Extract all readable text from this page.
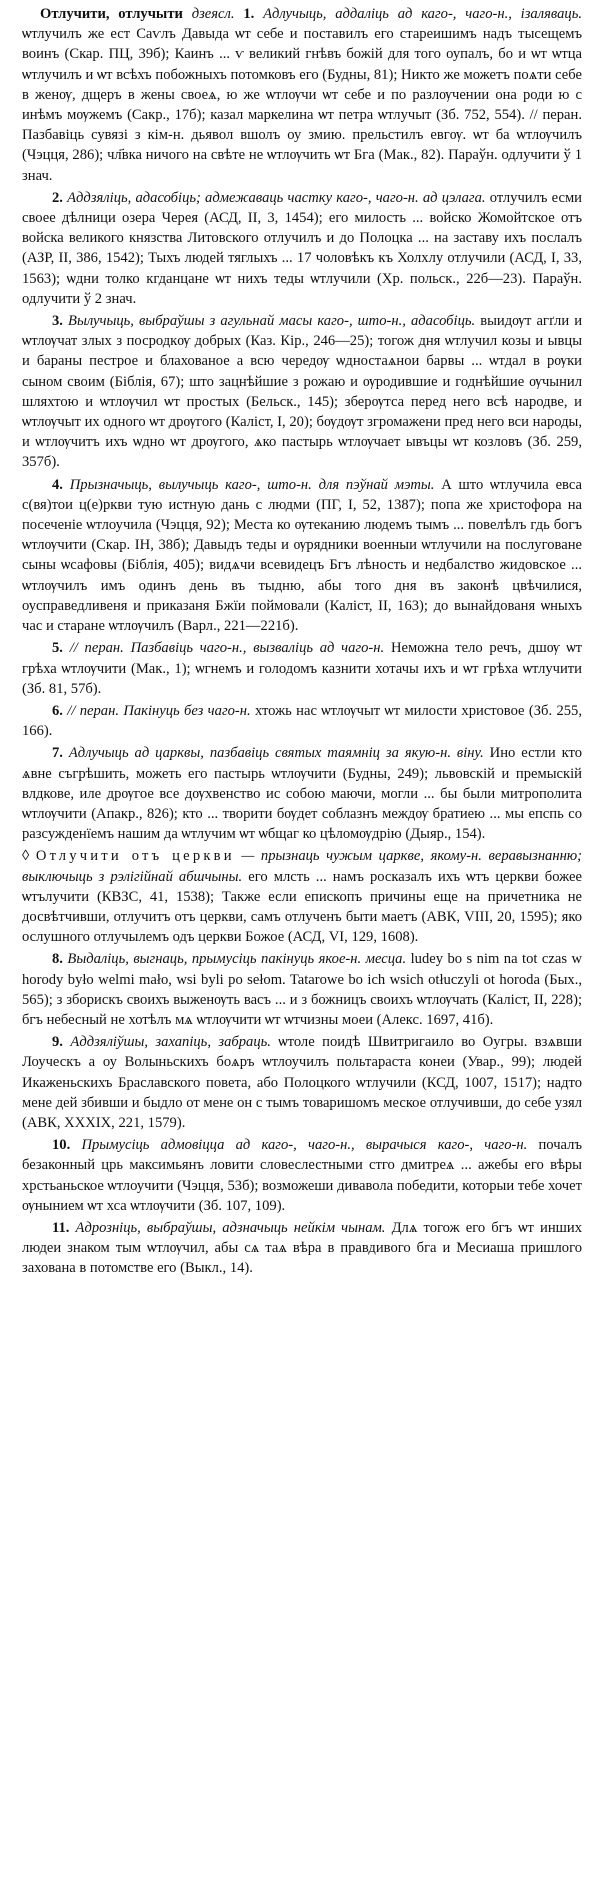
Отлучити, отлучыти дзеясл. 1. Адлучыць, аддаліць ад каго-, чаго-н., ізаляваць. ѡтлучилъ же ест Саѵлъ Давыда ѡт себе и поставилъ его стареишимъ надъ тысещемъ воинъ (Скар. ПЦ, 39б); Каинъ ... ѵ великий гнѣвъ божій для того оупалъ, бо и ѡт ѡтца ѡтлучилъ и ѡт всѣхъ побожныхъ потомковъ его (Будны, 81); Никто же можетъ поѧти себе в женѹ, дщеръ в жены своеѧ, ю же ѡтлѹчи ѡт себе и по разлѹчении она роди ю с инѣмъ мѹжемъ (Сакр., 17б); казал маркелина ѡт петра ѡтлучыт (Зб. 752, 554). // перан. Пазбавіць сувязі з кім-н. дьявол вшолъ оу змию. прельстилъ евгѹ. ѡт ба ѡтлѹчилъ (Чэцця, 286); чл҃вка ничого на свѣте не ѡтлѹчить ѡт Бга (Мак., 82). Параўн. одлучити ў 1 знач.

2. Аддзяліць, адасобіць; адмежаваць частку каго-, чаго-н. ад цэлага. отлучилъ есми своее дѣлници озера Черея (АСД, II, 3, 1454); его милость ... войско Жомойтское отъ войска великого князства Литовского отлучилъ и до Полоцка ... на заставу ихъ послалъ (АЗР, II, 386, 1542); Тыхъ людей тяглыхъ ... 17 чоловѣкъ къ Холхлу отлучили (АСД, I, 33, 1563); ѡдни толко кгданцане ѡт нихъ теды ѡтлучили (Хр. польск., 22б—23). Параўн. одлучити ў 2 знач.

3. Вылучыць, выбраўшы з агульнай масы каго-, што-н., адасобіць. выидѹт агґли и ѡтлѹчат злых з посродкѹ добрых (Каз. Кір., 246—25); тогож дня ѡтлучил козы и ывцы и бараны пестрое и блахованое а всю чередѹ ѡдностаѧнои барвы ... ѡтдал в рѹки сыном своим (Біблія, 67); што зацнѣйшие з рожаю и ѹродившие и годнѣйшие ѹчынил шляхтою и ѡтлѹчил ѡт простых (Бельск., 145); зберѹтса перед него всѣ народве, и ѡтлѹчыт их одного ѡт дрѹгого (Каліст, I, 20); бѹдѹт згромажени пред него вси народы, и ѡтлѹчитъ ихъ ѡдно ѡт дрѹгого, ѧко пастырь ѡтлѹчает ывъцы ѡт козловъ (Зб. 259, 357б).

4. Прызначыць, вылучыць каго-, што-н. для пэўнай мэты. А што ѡтлучила евса с(вя)тои ц(е)ркви тую истную дань с людми (ПГ, I, 52, 1387); попа же христофора на посеченіе ѡтлоучила (Чэцця, 92); Места ко ѹтеканию людемъ тымъ ... повелѣлъ гдь богъ ѡтлѹчити (Скар. IН, 38б); Давыдъ теды и ѹрядники военныи ѡтлучили на послуговане сыны ѡсафовы (Біблія, 405); видѧчи всевидецъ Бгъ лѣность и недбалство жидовское ... ѡтлѹчилъ имъ одинъ день въ тыдню, абы того дня въ законѣ цвѣчилися, оусправедливеня и приказаня Бжїи поймовали (Каліст, II, 163); до вынайдованя ѡныхъ час и старане ѡтлѹчилъ (Варл., 221—221б).

5. // перан. Пазбавіць чаго-н., вызваліць ад чаго-н. Неможна тело речъ, дшѹ ѡт грѣха ѡтлѹчити (Мак., 1); ѡгнемъ и голодомъ казнити хотачы ихъ и ѡт грѣха ѡтлучити (Зб. 81, 57б).

6. // перан. Пакінуць без чаго-н. хтожь нас ѡтлѹчыт ѡт милости христовое (Зб. 255, 166).

7. Адлучыць ад царквы, пазбавіць святых таямніц за якую-н. віну. Ино естли кто ѧвне съгрѣшить, можеть его пастырь ѡтлѹчити (Будны, 249); львовскій и премыскій влдкове, иле дрѹгое все дѹхвенство ис собою маючи, могли ... бы были митрополита ѡтлѹчити (Апакр., 826); кто ... творити бѹдет соблазнъ междѹ братиею ... мы епспь со разсужденїемъ нашим да ѡтлучим ѡт ѡбщаг ко цѣломѹдрію (Дыяр., 154).

◊ Отлучити отъ церкви — прызнаць чужым царкве, якому-н. веравызнанню; выключыць з рэлігійнай абшчыны. его млсть ... намъ росказалъ ихъ ѡтъ церкви божее ѡтълучити (КВЗС, 41, 1538); Также если епископъ причины еще на причетника не досвѣтчивши, отлучитъ отъ церкви, самъ отлученъ быти маетъ (АВК, VIII, 20, 1595); яко ослушного отлучылемъ одъ церкви Божое (АСД, VI, 129, 1608).

8. Выдаліць, выгнаць, прымусіць пакінуць якое-н. месца. ludey bo s nim na tot czas w horody było welmi mało, wsi byli po sełom. Tatarowe bo ich wsich otłuczyli ot horoda (Бых., 565); з зборискъ своихъ выженѹть васъ ... и з божницъ своихъ ѡтлѹчать (Каліст, II, 228); бгъ небесный не хотѣлъ мѧ ѡтлѹчити ѡт ѡтчизны моеи (Алекс. 1697, 41б).

9. Аддзяліўшы, захапіць, забраць. ѡтоле поидѣ Швитригаило во Оугры. взѧвши Лоуческъ а оу Волыньскихъ боѧръ ѡтлоучилъ польтараста конеи (Увар., 99); людей Икаженьскихъ Браславского повета, або Полоцкого ѡтлучили (КСД, 1007, 1517); надто мене дей збивши и быдло от мене он с тымъ товаришомъ меское отлучивши, до себе узял (АВК, XXXIX, 221, 1579).

10. Прымусіць адмовіцца ад каго-, чаго-н., вырачыся каго-, чаго-н. почалъ безаконный црь максимьянъ ловити словеслестными стго дмитреѧ ... ажебы его вѣры хрстьаньское ѡтлоучити (Чэцця, 53б); возможеши дивавола победити, которыи тебе хочет ѹнынием ѡт хса ѡтлѹчити (Зб. 107, 109).

11. Адрозніць, выбраўшы, адзначыць нейкім чынам. Длѧ тогож его бгъ ѡт инших людеи знаком тым ѡтлѹчил, абы сѧ таѧ вѣра в правдивого бга и Месиаша пришлого захована в потомстве его (Выкл., 14).
